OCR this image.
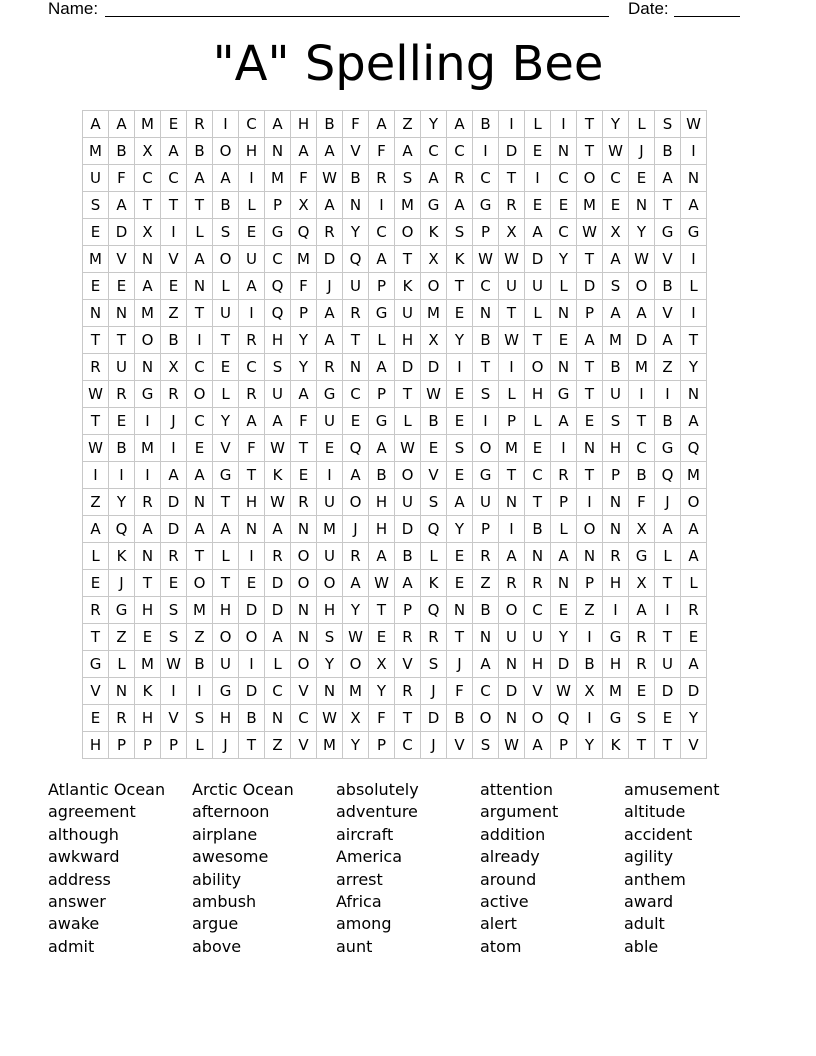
Name:	Date:
"A" Spelling Bee
A	A	M	E	R	I	C	A	H	B	F	A	Z	Y	A	B	I	L	I	T	Y	L	S	W
M	B	X	A	B	O	H	N	A	A	V	F	A	C	C	I	D	E	N	T	W	J	B	I
U	F	C	C	A	A	I	M	F	W	B	R	S	A	R	C	T	I	C	O	C	E	A	N
S	A	T	T	T	B	L	P	X	A	N	I	M	G	A	G	R	E	E	M	E	N	T	A
E	D	X	I	L	S	E	G	Q	R	Y	C	O	K	S	P	X	A	C	W	X	Y	G	G
M	V	N	V	A	O	U	C	M	D	Q	A	T	X	K	W	W	D	Y	T	A	W	V	I
E	E	A	E	N	L	A	Q	F	J	U	P	K	O	T	C	U	U	L	D	S	O	B	L
N	N	M	Z	T	U	I	Q	P	A	R	G	U	M	E	N	T	L	N	P	A	A	V	I
T	T	O	B	I	T	R	H	Y	A	T	L	H	X	Y	B	W	T	E	A	M	D	A	T
R	U	N	X	C	E	C	S	Y	R	N	A	D	D	I	T	I	O	N	T	B	M	Z	Y
W	R	G	R	O	L	R	U	A	G	C	P	T	W	E	S	L	H	G	T	U	I	I	N
T	E	I	J	C	Y	A	A	F	U	E	G	L	B	E	I	P	L	A	E	S	T	B	A
W	B	M	I	E	V	F	W	T	E	Q	A	W	E	S	O	M	E	I	N	H	C	G	Q
I	I	I	A	A	G	T	K	E	I	A	B	O	V	E	G	T	C	R	T	P	B	Q	M
Z	Y	R	D	N	T	H	W	R	U	O	H	U	S	A	U	N	T	P	I	N	F	J	O
A	Q	A	D	A	A	N	A	N	M	J	H	D	Q	Y	P	I	B	L	O	N	X	A	A
L	K	N	R	T	L	I	R	O	U	R	A	B	L	E	R	A	N	A	N	R	G	L	A
E	J	T	E	O	T	E	D	O	O	A	W	A	K	E	Z	R	R	N	P	H	X	T	L
R	G	H	S	M	H	D	D	N	H	Y	T	P	Q	N	B	O	C	E	Z	I	A	I	R
T	Z	E	S	Z	O	O	A	N	S	W	E	R	R	T	N	U	U	Y	I	G	R	T	E
G	L	M	W	B	U	I	L	O	Y	O	X	V	S	J	A	N	H	D	B	H	R	U	A
V	N	K	I	I	G	D	C	V	N	M	Y	R	J	F	C	D	V	W	X	M	E	D	D
E	R	H	V	S	H	B	N	C	W	X	F	T	D	B	O	N	O	Q	I	G	S	E	Y
H	P	P	P	L	J	T	Z	V	M	Y	P	C	J	V	S	W	A	P	Y	K	T	T	V
Atlantic Ocean
agreement
although
awkward
address
answer
awake
admit
Arctic Ocean
afternoon
airplane
awesome
ability
ambush
argue
above
absolutely
adventure
aircraft
America
arrest
Africa
among
aunt
attention
argument
addition
already
around
active
alert
atom
amusement
altitude
accident
agility
anthem
award
adult
able
